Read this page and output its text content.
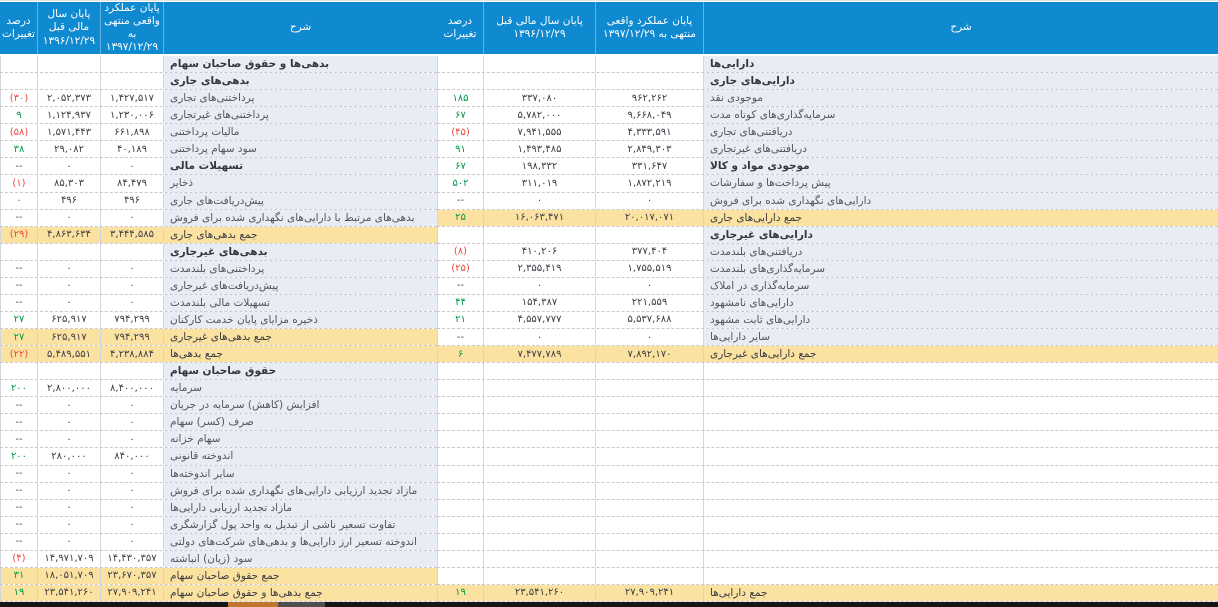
شرح
پایان عملکرد واقعی منتهی به ۱۳۹۷/۱۲/۲۹
پایان سال مالی قبل ۱۳۹۶/۱۲/۲۹
درصد تغییرات
دارایی‌ها
دارایی‌های جاری
موجودی نقد
۹۶۲,۲۶۲
۳۳۷,۰۸۰
۱۸۵
سرمایه‌گذاری‌های کوتاه مدت
۹,۶۶۸,۰۴۹
۵,۷۸۲,۰۰۰
۶۷
دریافتنی‌های تجاری
۴,۳۳۳,۵۹۱
۷,۹۴۱,۵۵۵
(۴۵)
دریافتنی‌های غیرتجاری
۲,۸۴۹,۳۰۳
۱,۴۹۳,۴۸۵
۹۱
موجودی مواد و کالا
۳۳۱,۶۴۷
۱۹۸,۳۳۲
۶۷
پیش پرداخت‌ها و سفارشات
۱,۸۷۲,۲۱۹
۳۱۱,۰۱۹
۵۰۲
دارایی‌های نگهداری شده برای فروش
۰
۰
--
جمع دارایی‌های جاری
۲۰,۰۱۷,۰۷۱
۱۶,۰۶۳,۴۷۱
۲۵
دارایی‌های غیرجاری
دریافتنی‌های بلندمدت
۳۷۷,۴۰۴
۴۱۰,۲۰۶
(۸)
سرمایه‌گذاری‌های بلندمدت
۱,۷۵۵,۵۱۹
۲,۳۵۵,۴۱۹
(۲۵)
سرمایه‌گذاری در املاک
۰
۰
--
دارایی‌های نامشهود
۲۲۱,۵۵۹
۱۵۴,۳۸۷
۴۴
دارایی‌های ثابت مشهود
۵,۵۳۷,۶۸۸
۴,۵۵۷,۷۷۷
۲۱
سایر دارایی‌ها
۰
۰
--
جمع دارایی‌های غیرجاری
۷,۸۹۲,۱۷۰
۷,۴۷۷,۷۸۹
۶
جمع دارایی‌ها
۲۷,۹۰۹,۲۴۱
۲۳,۵۴۱,۲۶۰
۱۹
شرح
پایان عملکرد واقعی منتهی به ۱۳۹۷/۱۲/۲۹
پایان سال مالی قبل ۱۳۹۶/۱۲/۲۹
درصد تغییرات
بدهی‌ها و حقوق صاحبان سهام
بدهی‌های جاری
پرداختنی‌های تجاری
۱,۴۲۷,۵۱۷
۲,۰۵۲,۳۷۳
(۳۰)
پرداختنی‌های غیرتجاری
۱,۲۳۰,۰۰۶
۱,۱۲۴,۹۳۷
۹
مالیات پرداختنی
۶۶۱,۸۹۸
۱,۵۷۱,۴۴۳
(۵۸)
سود سهام پرداختنی
۴۰,۱۸۹
۲۹,۰۸۲
۳۸
تسهیلات مالی
۰
۰
--
ذخایر
۸۴,۴۷۹
۸۵,۳۰۳
(۱)
پیش‌دریافت‌های جاری
۴۹۶
۴۹۶
۰
بدهی‌های مرتبط با دارایی‌های نگهداری شده برای فروش
۰
۰
--
جمع بدهی‌های جاری
۳,۴۴۴,۵۸۵
۴,۸۶۳,۶۳۴
(۲۹)
بدهی‌های غیرجاری
پرداختنی‌های بلندمدت
۰
۰
--
پیش‌دریافت‌های غیرجاری
۰
۰
--
تسهیلات مالی بلندمدت
۰
۰
--
ذخیره مزایای پایان خدمت کارکنان
۷۹۴,۲۹۹
۶۲۵,۹۱۷
۲۷
جمع بدهی‌های غیرجاری
۷۹۴,۲۹۹
۶۲۵,۹۱۷
۲۷
جمع بدهی‌ها
۴,۲۳۸,۸۸۴
۵,۴۸۹,۵۵۱
(۲۲)
حقوق صاحبان سهام
سرمایه
۸,۴۰۰,۰۰۰
۲,۸۰۰,۰۰۰
۲۰۰
افزایش (کاهش) سرمایه در جریان
۰
۰
--
صرف (کسر) سهام
۰
۰
--
سهام خزانه
۰
۰
--
اندوخته قانونی
۸۴۰,۰۰۰
۲۸۰,۰۰۰
۲۰۰
سایر اندوخته‌ها
۰
۰
--
مازاد تجدید ارزیابی دارایی‌های نگهداری شده برای فروش
۰
۰
--
مازاد تجدید ارزیابی دارایی‌ها
۰
۰
--
تفاوت تسعیر ناشی از تبدیل به واحد پول گزارشگری
۰
۰
--
اندوخته تسعیر ارز دارایی‌ها و بدهی‌های شرکت‌های دولتی
۰
۰
--
سود (زیان) انباشته
۱۴,۴۳۰,۳۵۷
۱۴,۹۷۱,۷۰۹
(۴)
جمع حقوق صاحبان سهام
۲۳,۶۷۰,۳۵۷
۱۸,۰۵۱,۷۰۹
۳۱
جمع بدهی‌ها و حقوق صاحبان سهام
۲۷,۹۰۹,۲۴۱
۲۳,۵۴۱,۲۶۰
۱۹
